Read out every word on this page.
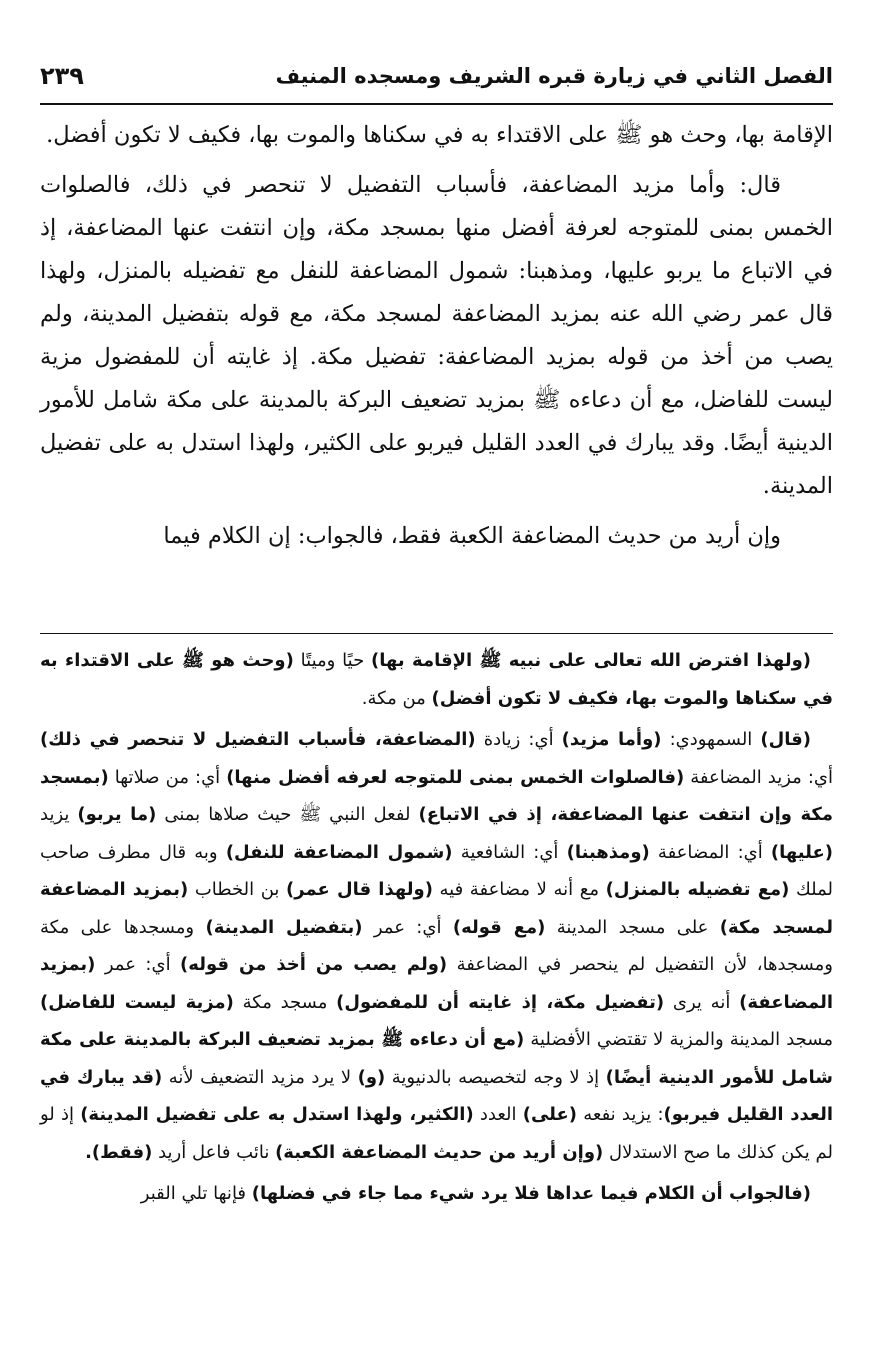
الفصل الثاني في زيارة قبره الشريف ومسجده المنيف
٢٣٩

الإقامة بها، وحث هو ﷺ على الاقتداء به في سكناها والموت بها، فكيف لا تكون أفضل.

قال: وأما مزيد المضاعفة، فأسباب التفضيل لا تنحصر في ذلك، فالصلوات الخمس بمنى للمتوجه لعرفة أفضل منها بمسجد مكة، وإن انتفت عنها المضاعفة، إذ في الاتباع ما يربو عليها، ومذهبنا: شمول المضاعفة للنفل مع تفضيله بالمنزل، ولهذا قال عمر رضي الله عنه بمزيد المضاعفة لمسجد مكة، مع قوله بتفضيل المدينة، ولم يصب من أخذ من قوله بمزيد المضاعفة: تفضيل مكة. إذ غايته أن للمفضول مزية ليست للفاضل، مع أن دعاءه ﷺ بمزيد تضعيف البركة بالمدينة على مكة شامل للأمور الدينية أيضًا. وقد يبارك في العدد القليل فيربو على الكثير، ولهذا استدل به على تفضيل المدينة.

وإن أريد من حديث المضاعفة الكعبة فقط، فالجواب: إن الكلام فيما

(ولهذا افترض الله تعالى على نبيه ﷺ الإقامة بها) حيًا وميتًا (وحث هو ﷺ على الاقتداء به في سكناها والموت بها، فكيف لا تكون أفضل) من مكة.

(قال) السمهودي: (وأما مزيد) أي: زيادة (المضاعفة، فأسباب التفضيل لا تنحصر في ذلك) أي: مزيد المضاعفة (فالصلوات الخمس بمنى للمتوجه لعرفه أفضل منها) أي: من صلاتها (بمسجد مكة وإن انتفت عنها المضاعفة، إذ في الاتباع) لفعل النبي ﷺ حيث صلاها بمنى (ما يربو) يزيد (عليها) أي: المضاعفة (ومذهبنا) أي: الشافعية (شمول المضاعفة للنفل) وبه قال مطرف صاحب لملك (مع تفضيله بالمنزل) مع أنه لا مضاعفة فيه (ولهذا قال عمر) بن الخطاب (بمزيد المضاعفة لمسجد مكة) على مسجد المدينة (مع قوله) أي: عمر (بتفضيل المدينة) ومسجدها على مكة ومسجدها، لأن التفضيل لم ينحصر في المضاعفة (ولم يصب من أخذ من قوله) أي: عمر (بمزيد المضاعفة) أنه يرى (تفضيل مكة، إذ غايته أن للمفضول) مسجد مكة (مزية ليست للفاضل) مسجد المدينة والمزية لا تقتضي الأفضلية (مع أن دعاءه ﷺ بمزيد تضعيف البركة بالمدينة على مكة شامل للأمور الدينية أيضًا) إذ لا وجه لتخصيصه بالدنيوية (و) لا يرد مزيد التضعيف لأنه (قد يبارك في العدد القليل فيربو): يزيد نفعه (على) العدد (الكثير، ولهذا استدل به على تفضيل المدينة) إذ لو لم يكن كذلك ما صح الاستدلال (وإن أريد من حديث المضاعفة الكعبة) نائب فاعل أريد (فقط).

(فالجواب أن الكلام فيما عداها فلا يرد شيء مما جاء في فضلها) فإنها تلي القبر
